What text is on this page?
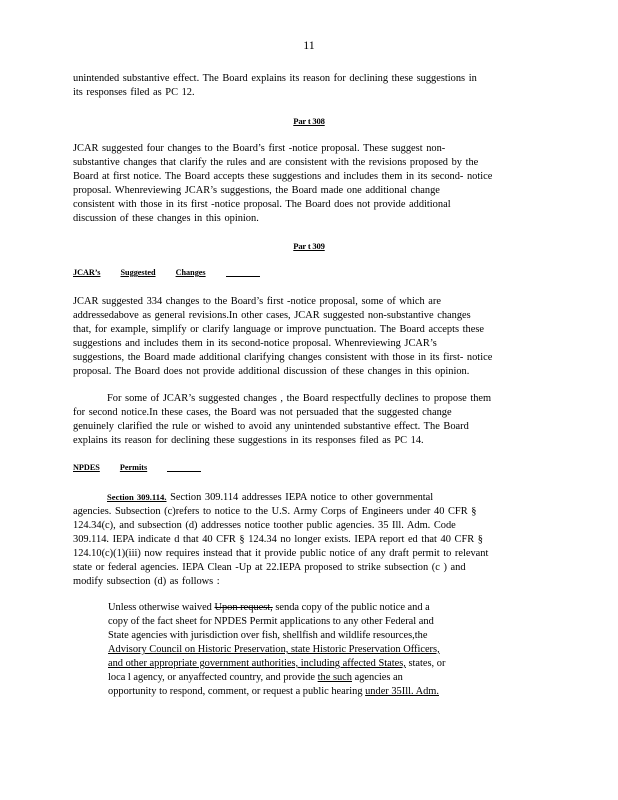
11
unintended substantive effect. The Board explains its reason for declining these suggestions in
its responses filed as PC 12.
Par t 308
JCAR suggested four changes to the Board’s first -notice proposal. These suggest non-
substantive changes that clarify the rules and are consistent with the revisions proposed by the
Board at first notice. The Board accepts these suggestions and includes them in its second- notice
proposal. Whenreviewing JCAR’s suggestions, the Board made one additional change
consistent with those in its first -notice proposal. The Board does not provide additional
discussion of these changes in this opinion.
Par t 309
JCAR’s Suggested Changes
JCAR suggested 334 changes to the Board’s first -notice proposal, some of which are
addressedabove as general revisions.In other cases, JCAR suggested non-substantive changes
that, for example, simplify or clarify language or improve punctuation. The Board accepts these
suggestions and includes them in its second-notice proposal. Whenreviewing JCAR’s
suggestions, the Board made additional clarifying changes consistent with those in its first- notice
proposal. The Board does not provide additional discussion of these changes in this opinion.
For some of JCAR’s suggested changes , the Board respectfully declines to propose them
for second notice.In these cases, the Board was not persuaded that the suggested change
genuinely clarified the rule or wished to avoid any unintended substantive effect. The Board
explains its reason for declining these suggestions in its responses filed as PC 14.
NPDES Permits
Section 309.114. Section 309.114 addresses IEPA notice to other governmental
agencies. Subsection (c)refers to notice to the U.S. Army Corps of Engineers under 40 CFR §
124.34(c), and subsection (d) addresses notice toother public agencies. 35 Ill. Adm. Code
309.114. IEPA indicate d that 40 CFR § 124.34 no longer exists. IEPA report ed that 40 CFR §
124.10(c)(1)(iii) now requires instead that it provide public notice of any draft permit to relevant
state or federal agencies. IEPA Clean -Up at 22.IEPA proposed to strike subsection (c ) and
modify subsection (d) as follows :
Unless otherwise waived Upon request, senda copy of the public notice and a
copy of the fact sheet for NPDES Permit applications to any other Federal and
State agencies with jurisdiction over fish, shellfish and wildlife resources,the
Advisory Council on Historic Preservation, state Historic Preservation Officers,
and other appropriate government authorities, including affected States, states, or
loca l agency, or anyaffected country, and provide the such agencies an
opportunity to respond, comment, or request a public hearing under 35Ill. Adm.
